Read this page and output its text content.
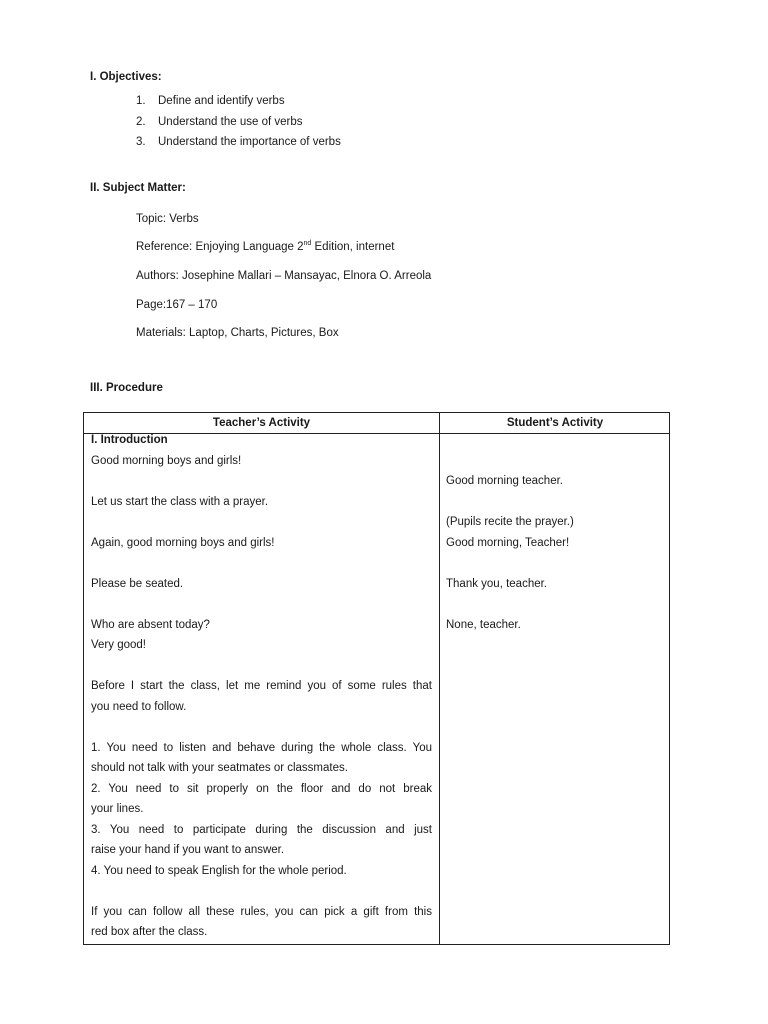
I. Objectives:
1. Define and identify verbs
2. Understand the use of verbs
3. Understand the importance of verbs
II. Subject Matter:
Topic: Verbs
Reference: Enjoying Language 2nd Edition, internet
Authors: Josephine Mallari – Mansayac, Elnora O. Arreola
Page:167 – 170
Materials: Laptop, Charts, Pictures, Box
III. Procedure
Teacher’s Activity	Student’s Activity
I. Introduction
Good morning boys and girls!
Let us start the class with a prayer.
Again, good morning boys and girls!
Please be seated.
Who are absent today?
Very good!
Before I start the class, let me remind you of some rules that
you need to follow.
1. You need to listen and behave during the whole class. You
should not talk with your seatmates or classmates.
2. You need to sit properly on the floor and do not break
your lines.
3. You need to participate during the discussion and just
raise your hand if you want to answer.
4. You need to speak English for the whole period.
If you can follow all these rules, you can pick a gift from this
red box after the class.
Good morning teacher.
(Pupils recite the prayer.)
Good morning, Teacher!
Thank you, teacher.
None, teacher.
